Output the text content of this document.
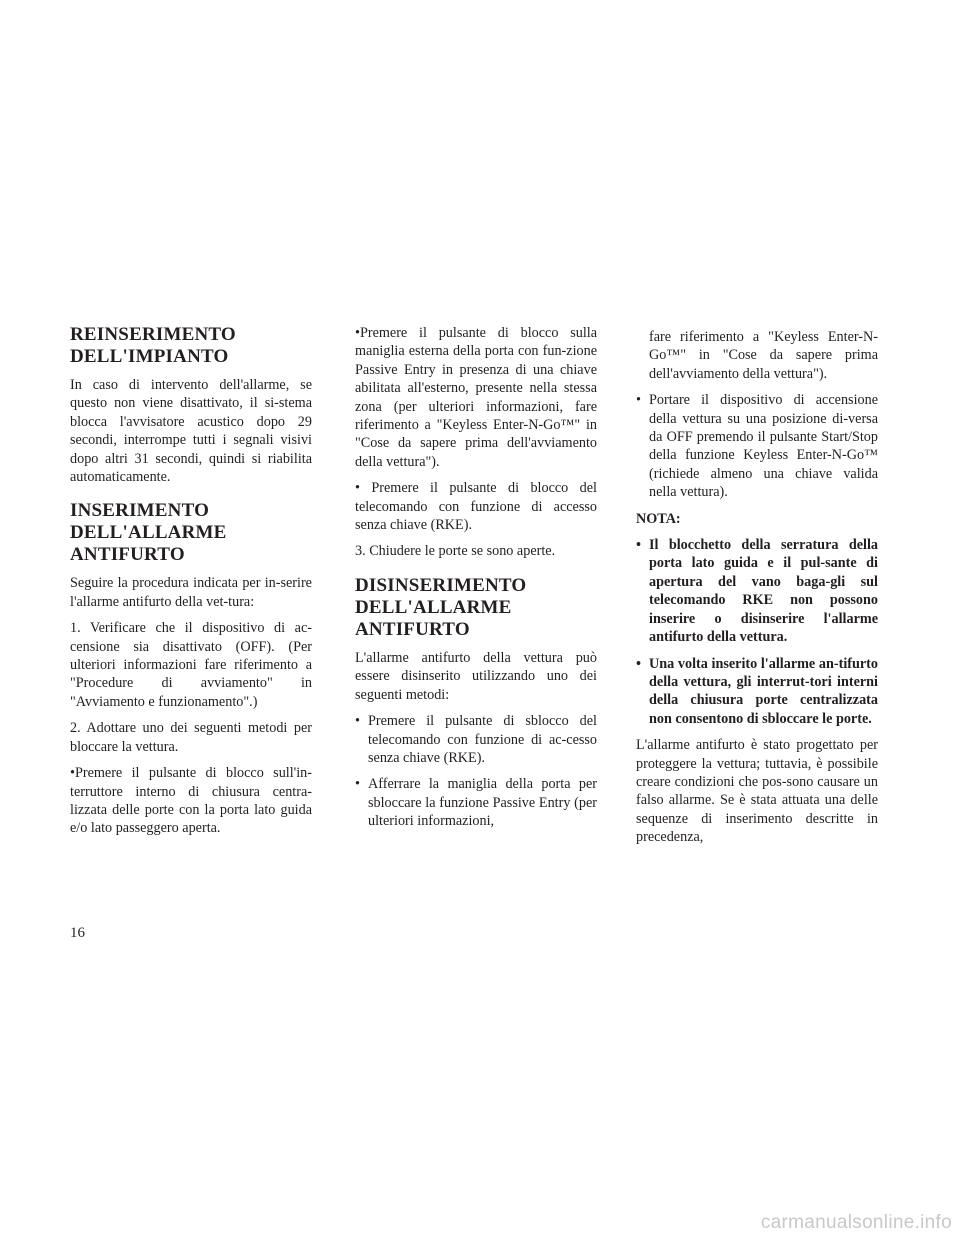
REINSERIMENTO
DELL'IMPIANTO

In caso di intervento dell'allarme, se questo non viene disattivato, il si-stema blocca l'avvisatore acustico dopo 29 secondi, interrompe tutti i segnali visivi dopo altri 31 secondi, quindi si riabilita automaticamente.

INSERIMENTO
DELL'ALLARME
ANTIFURTO

Seguire la procedura indicata per in-serire l'allarme antifurto della vet-tura:

1. Verificare che il dispositivo di ac-censione sia disattivato (OFF). (Per ulteriori informazioni fare riferimento a "Procedure di avviamento" in "Avviamento e funzionamento".)

2. Adottare uno dei seguenti metodi per bloccare la vettura.

•Premere il pulsante di blocco sull'in-terruttore interno di chiusura centra-lizzata delle porte con la porta lato guida e/o lato passeggero aperta.

•Premere il pulsante di blocco sulla maniglia esterna della porta con fun-zione Passive Entry in presenza di una chiave abilitata all'esterno, presente nella stessa zona (per ulteriori informazioni, fare riferimento a "Keyless Enter-N-Go™" in "Cose da sapere prima dell'avviamento della vettura").

• Premere il pulsante di blocco del telecomando con funzione di accesso senza chiave (RKE).

3. Chiudere le porte se sono aperte.

DISINSERIMENTO
DELL'ALLARME
ANTIFURTO

L'allarme antifurto della vettura può essere disinserito utilizzando uno dei seguenti metodi:

• Premere il pulsante di sblocco del telecomando con funzione di ac-cesso senza chiave (RKE).
• Afferrare la maniglia della porta per sbloccare la funzione Passive Entry (per ulteriori informazioni,

fare riferimento a "Keyless Enter-N-Go™" in "Cose da sapere prima dell'avviamento della vettura").

• Portare il dispositivo di accensione della vettura su una posizione di-versa da OFF premendo il pulsante Start/Stop della funzione Keyless Enter-N-Go™ (richiede almeno una chiave valida nella vettura).

NOTA:

• Il blocchetto della serratura della porta lato guida e il pul-sante di apertura del vano baga-gli sul telecomando RKE non possono inserire o disinserire l'allarme antifurto della vettura.
• Una volta inserito l'allarme an-tifurto della vettura, gli interrut-tori interni della chiusura porte centralizzata non consentono di sbloccare le porte.

L'allarme antifurto è stato progettato per proteggere la vettura; tuttavia, è possibile creare condizioni che pos-sono causare un falso allarme. Se è stata attuata una delle sequenze di inserimento descritte in precedenza,

16
carmanualsonline.info
